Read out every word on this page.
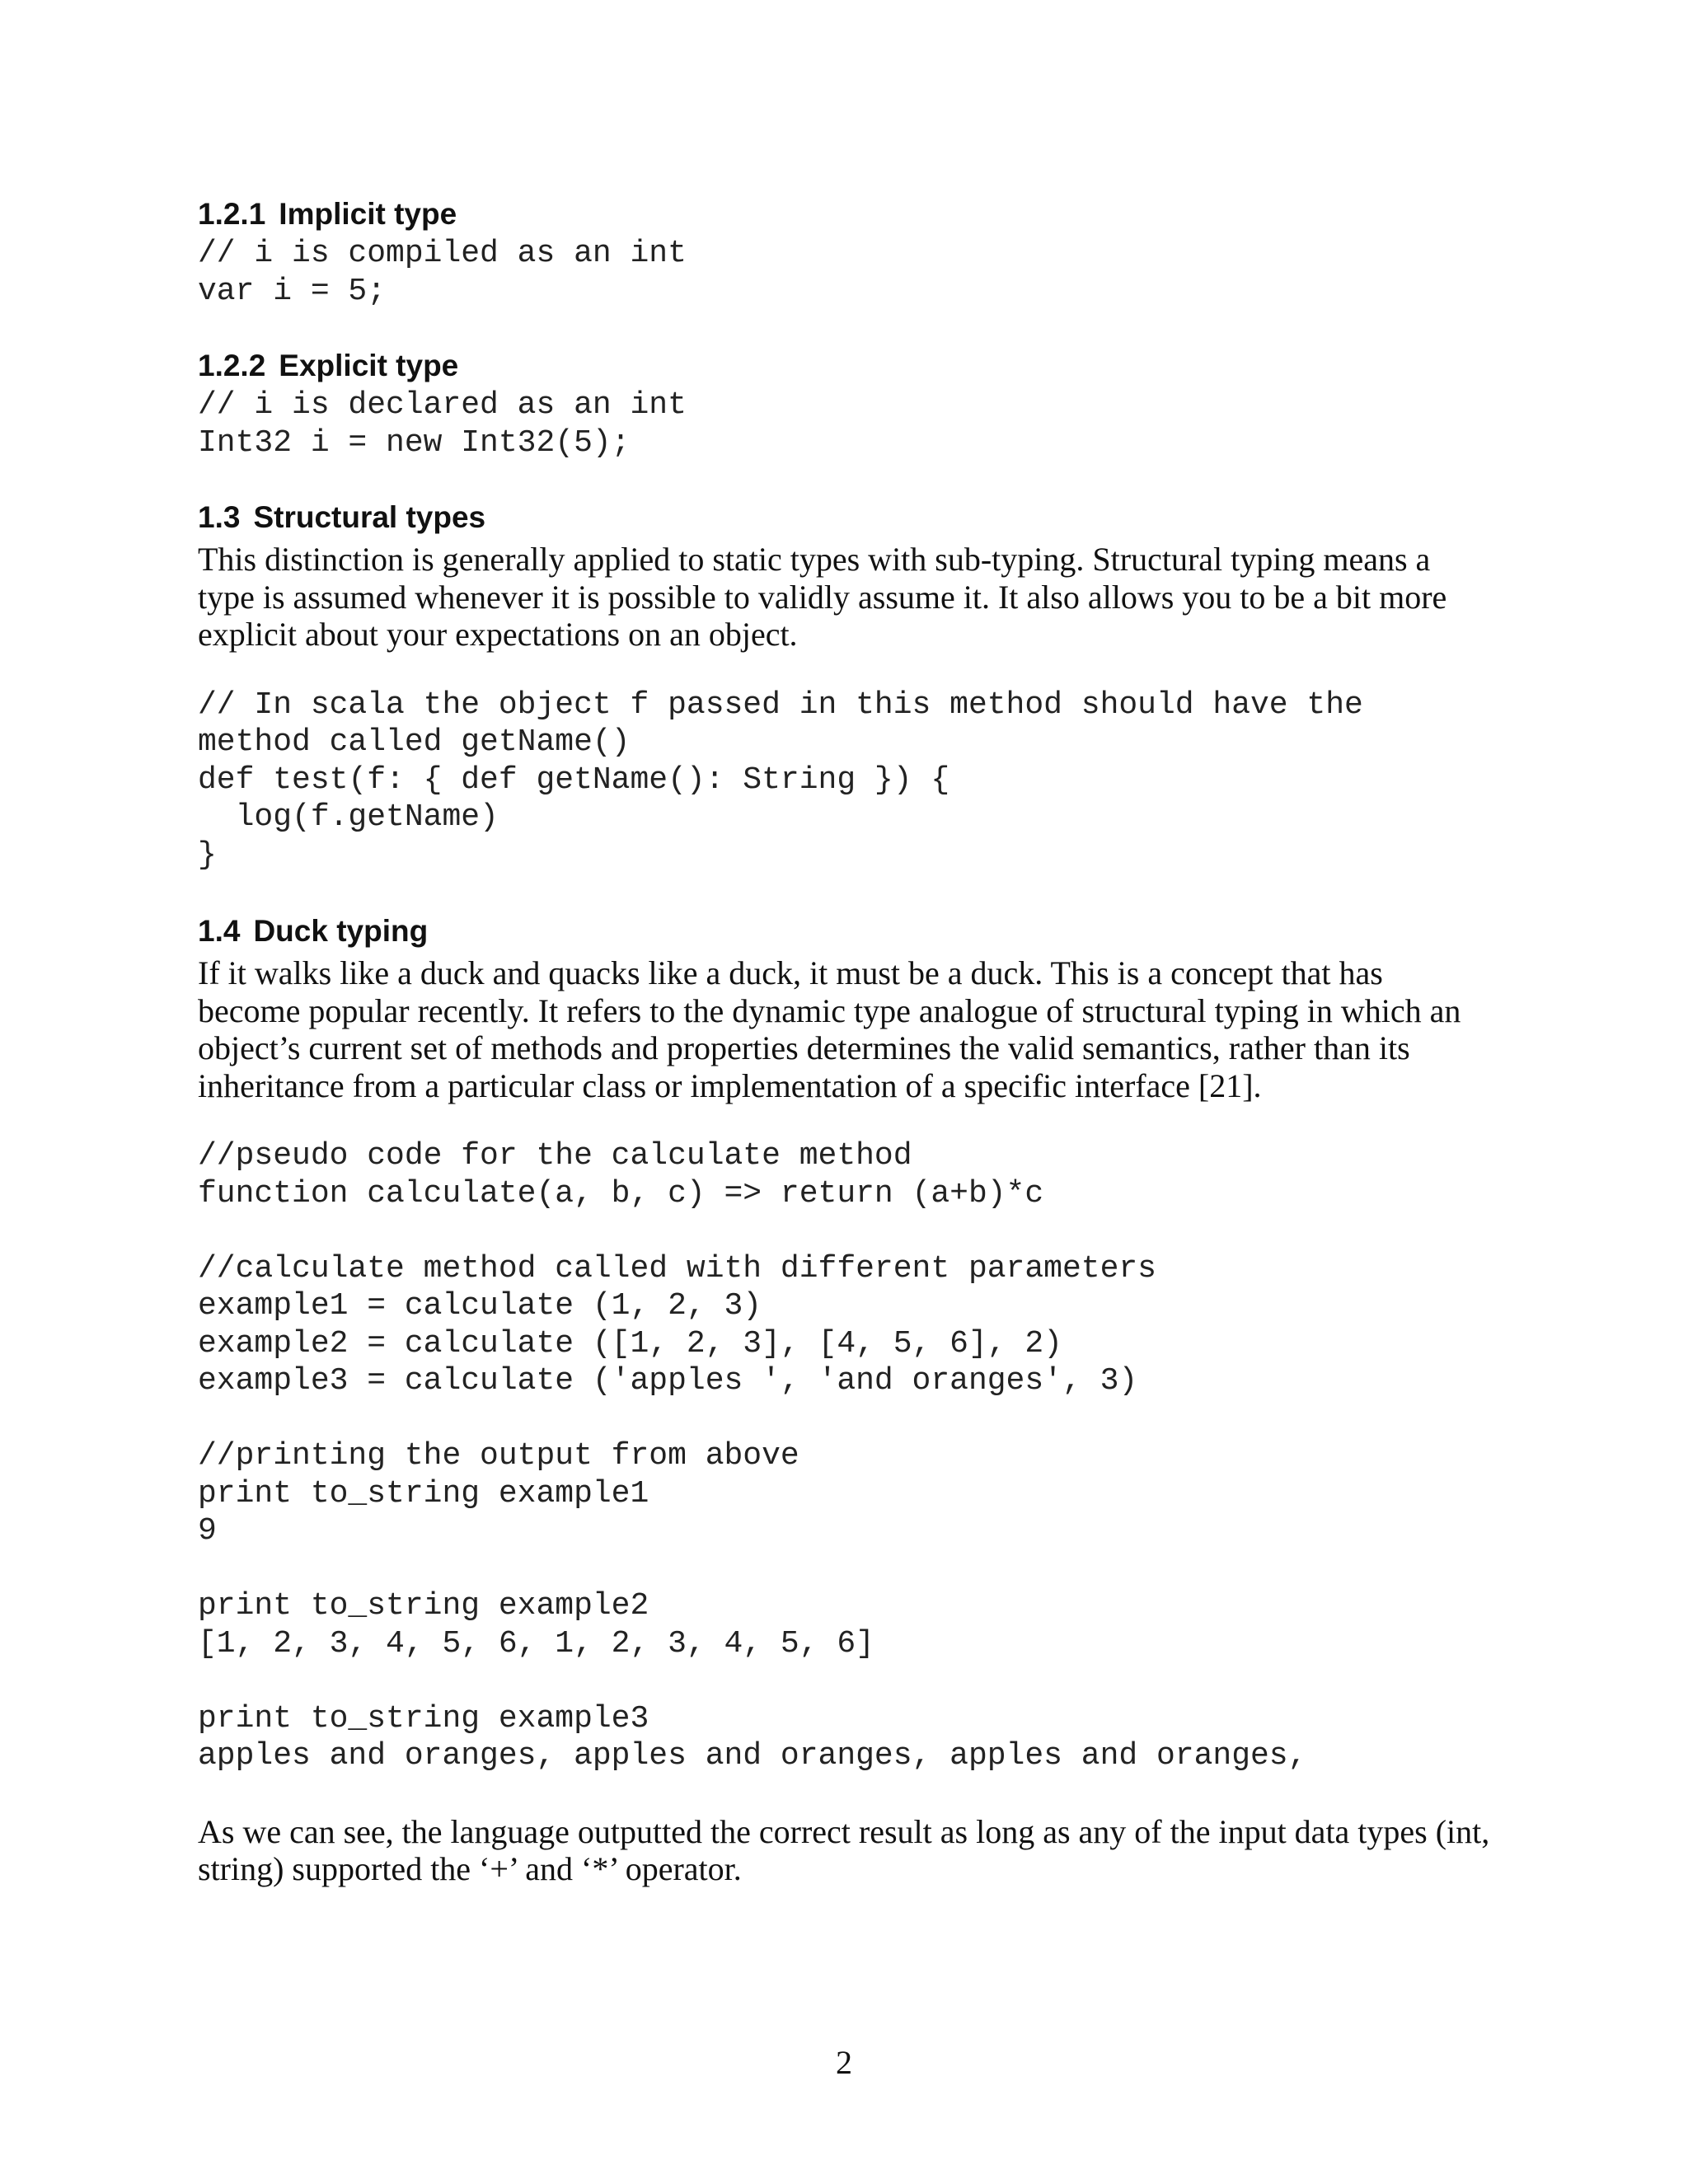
1.2.1 Implicit type
// i is compiled as an int
var i = 5;
1.2.2 Explicit type
// i is declared as an int
Int32 i = new Int32(5);
1.3 Structural types

This distinction is generally applied to static types with sub-typing. Structural typing means a type is assumed whenever it is possible to validly assume it. It also allows you to be a bit more explicit about your expectations on an object.

// In scala the object f passed in this method should have the
method called getName()
def test(f: { def getName(): String }) {
log(f.getName)
}
1.4 Duck typing

If it walks like a duck and quacks like a duck, it must be a duck. This is a concept that has become popular recently. It refers to the dynamic type analogue of structural typing in which an object’s current set of methods and properties determines the valid semantics, rather than its inheritance from a particular class or implementation of a specific interface [21].

//pseudo code for the calculate method
function calculate(a, b, c) => return (a+b)*c

//calculate method called with different parameters
example1 = calculate (1, 2, 3)
example2 = calculate ([1, 2, 3], [4, 5, 6], 2)
example3 = calculate ('apples ', 'and oranges', 3)

//printing the output from above
print to_string example1
9

print to_string example2
[1, 2, 3, 4, 5, 6, 1, 2, 3, 4, 5, 6]

print to_string example3
apples and oranges, apples and oranges, apples and oranges,

As we can see, the language outputted the correct result as long as any of the input data types (int, string) supported the ‘+’ and ‘*’ operator.

2
